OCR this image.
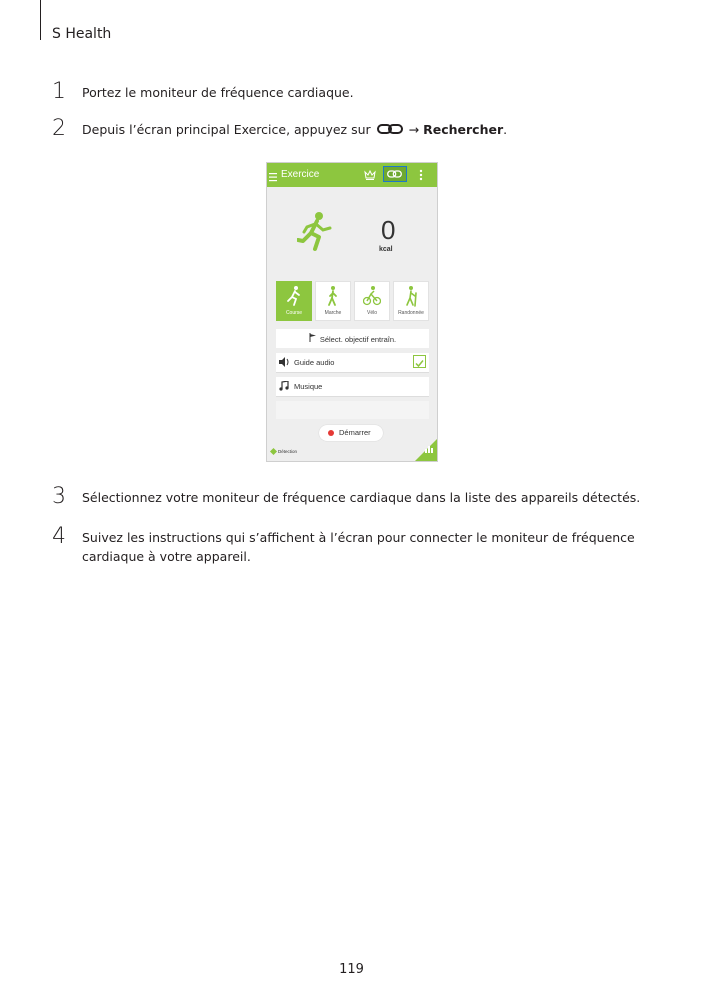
S Health
1	Portez le moniteur de fréquence cardiaque.
2	Depuis l’écran principal Exercice, appuyez sur	→ Rechercher.
Exercice
0
kcal
Course	Marche	Vélo	Randonnée
Sélect. objectif entraîn.
Guide audio
Musique
Démarrer
Détection
3	Sélectionnez votre moniteur de fréquence cardiaque dans la liste des appareils détectés.
4	Suivez les instructions qui s’affichent à l’écran pour connecter le moniteur de fréquence
cardiaque à votre appareil.
119
